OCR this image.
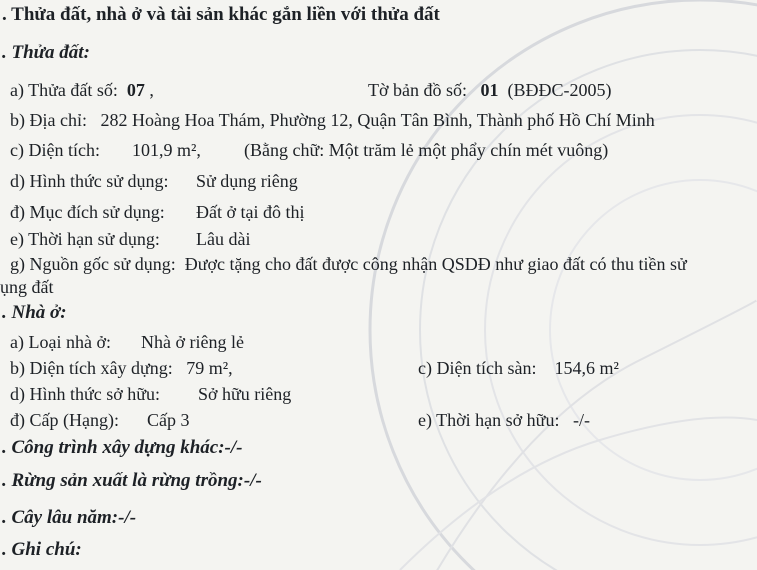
. Thửa đất, nhà ở và tài sản khác gắn liền với thửa đất
. Thửa đất:
a) Thửa đất số: 07 ,	Tờ bản đồ số: 01 (BĐĐC-2005)
b) Địa chỉ: 282 Hoàng Hoa Thám, Phường 12, Quận Tân Bình, Thành phố Hồ Chí Minh
c) Diện tích: 101,9 m², (Bằng chữ: Một trăm lẻ một phẩy chín mét vuông)
d) Hình thức sử dụng: Sử dụng riêng
đ) Mục đích sử dụng: Đất ở tại đô thị
e) Thời hạn sử dụng: Lâu dài
g) Nguồn gốc sử dụng: Được tặng cho đất được công nhận QSDĐ như giao đất có thu tiền sử
ụng đất
. Nhà ở:
a) Loại nhà ở: Nhà ở riêng lẻ
b) Diện tích xây dựng: 79 m²,	c) Diện tích sàn: 154,6 m²
d) Hình thức sở hữu: Sở hữu riêng
đ) Cấp (Hạng): Cấp 3	e) Thời hạn sở hữu: -/-
. Công trình xây dựng khác:-/-
. Rừng sản xuất là rừng trồng:-/-
. Cây lâu năm:-/-
. Ghi chú:
